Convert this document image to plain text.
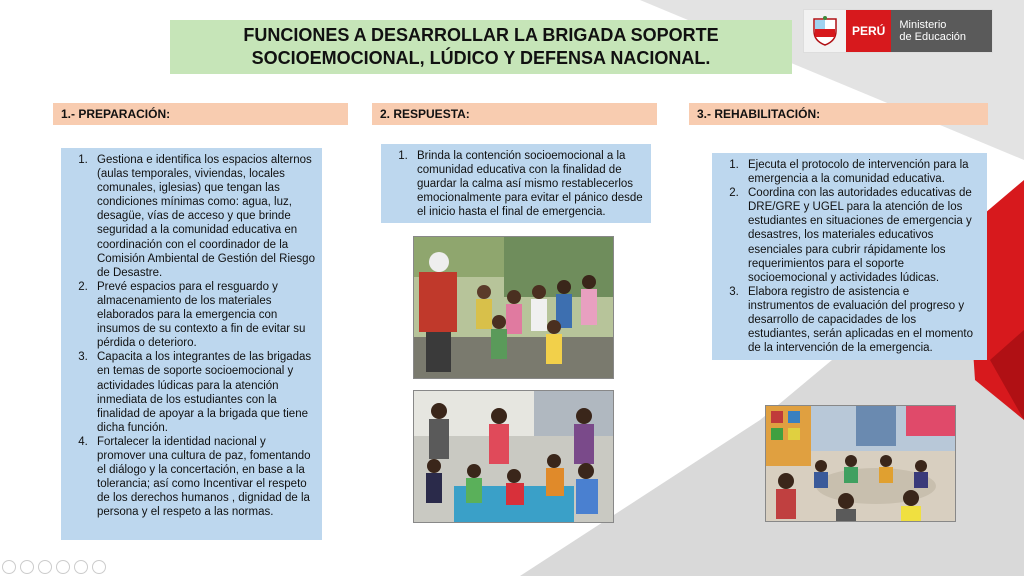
FUNCIONES A DESARROLLAR LA BRIGADA SOPORTE
SOCIOEMOCIONAL, LÚDICO Y DEFENSA NACIONAL.
PERÚ	Ministerio
de Educación
1.- PREPARACIÓN:	2. RESPUESTA:	3.- REHABILITACIÓN:
1. Gestiona e identifica los espacios alternos (aulas temporales, viviendas, locales comunales, iglesias) que tengan las condiciones mínimas como: agua, luz, desagüe, vías de acceso y que brinde seguridad a la comunidad educativa en coordinación con el coordinador de la Comisión Ambiental de Gestión del Riesgo de Desastre.
2. Prevé espacios para el resguardo y almacenamiento de los materiales elaborados para la emergencia con insumos de su contexto a fin de evitar su pérdida o deterioro.
3. Capacita a los integrantes de las brigadas en temas de soporte socioemocional y actividades lúdicas para la atención inmediata de los estudiantes con la finalidad de apoyar a la brigada que tiene dicha función.
4. Fortalecer la identidad nacional y promover una cultura de paz, fomentando el diálogo y la concertación, en base a la tolerancia; así como Incentivar el respeto de los derechos humanos , dignidad de la persona y el respeto a las normas.
1. Brinda la contención socioemocional a la comunidad educativa con la finalidad de guardar la calma así mismo restablecerlos emocionalmente para evitar el pánico desde el inicio hasta el final de emergencia.
1. Ejecuta el protocolo de intervención para la emergencia a la comunidad educativa.
2. Coordina con las autoridades educativas de DRE/GRE y UGEL para la atención de los estudiantes en situaciones de emergencia y desastres, los materiales educativos esenciales para cubrir rápidamente los requerimientos para el soporte socioemocional y actividades lúdicas.
3. Elabora registro de asistencia e instrumentos de evaluación del progreso y desarrollo de capacidades de los estudiantes, serán aplicadas en el momento de la intervención de la emergencia.
